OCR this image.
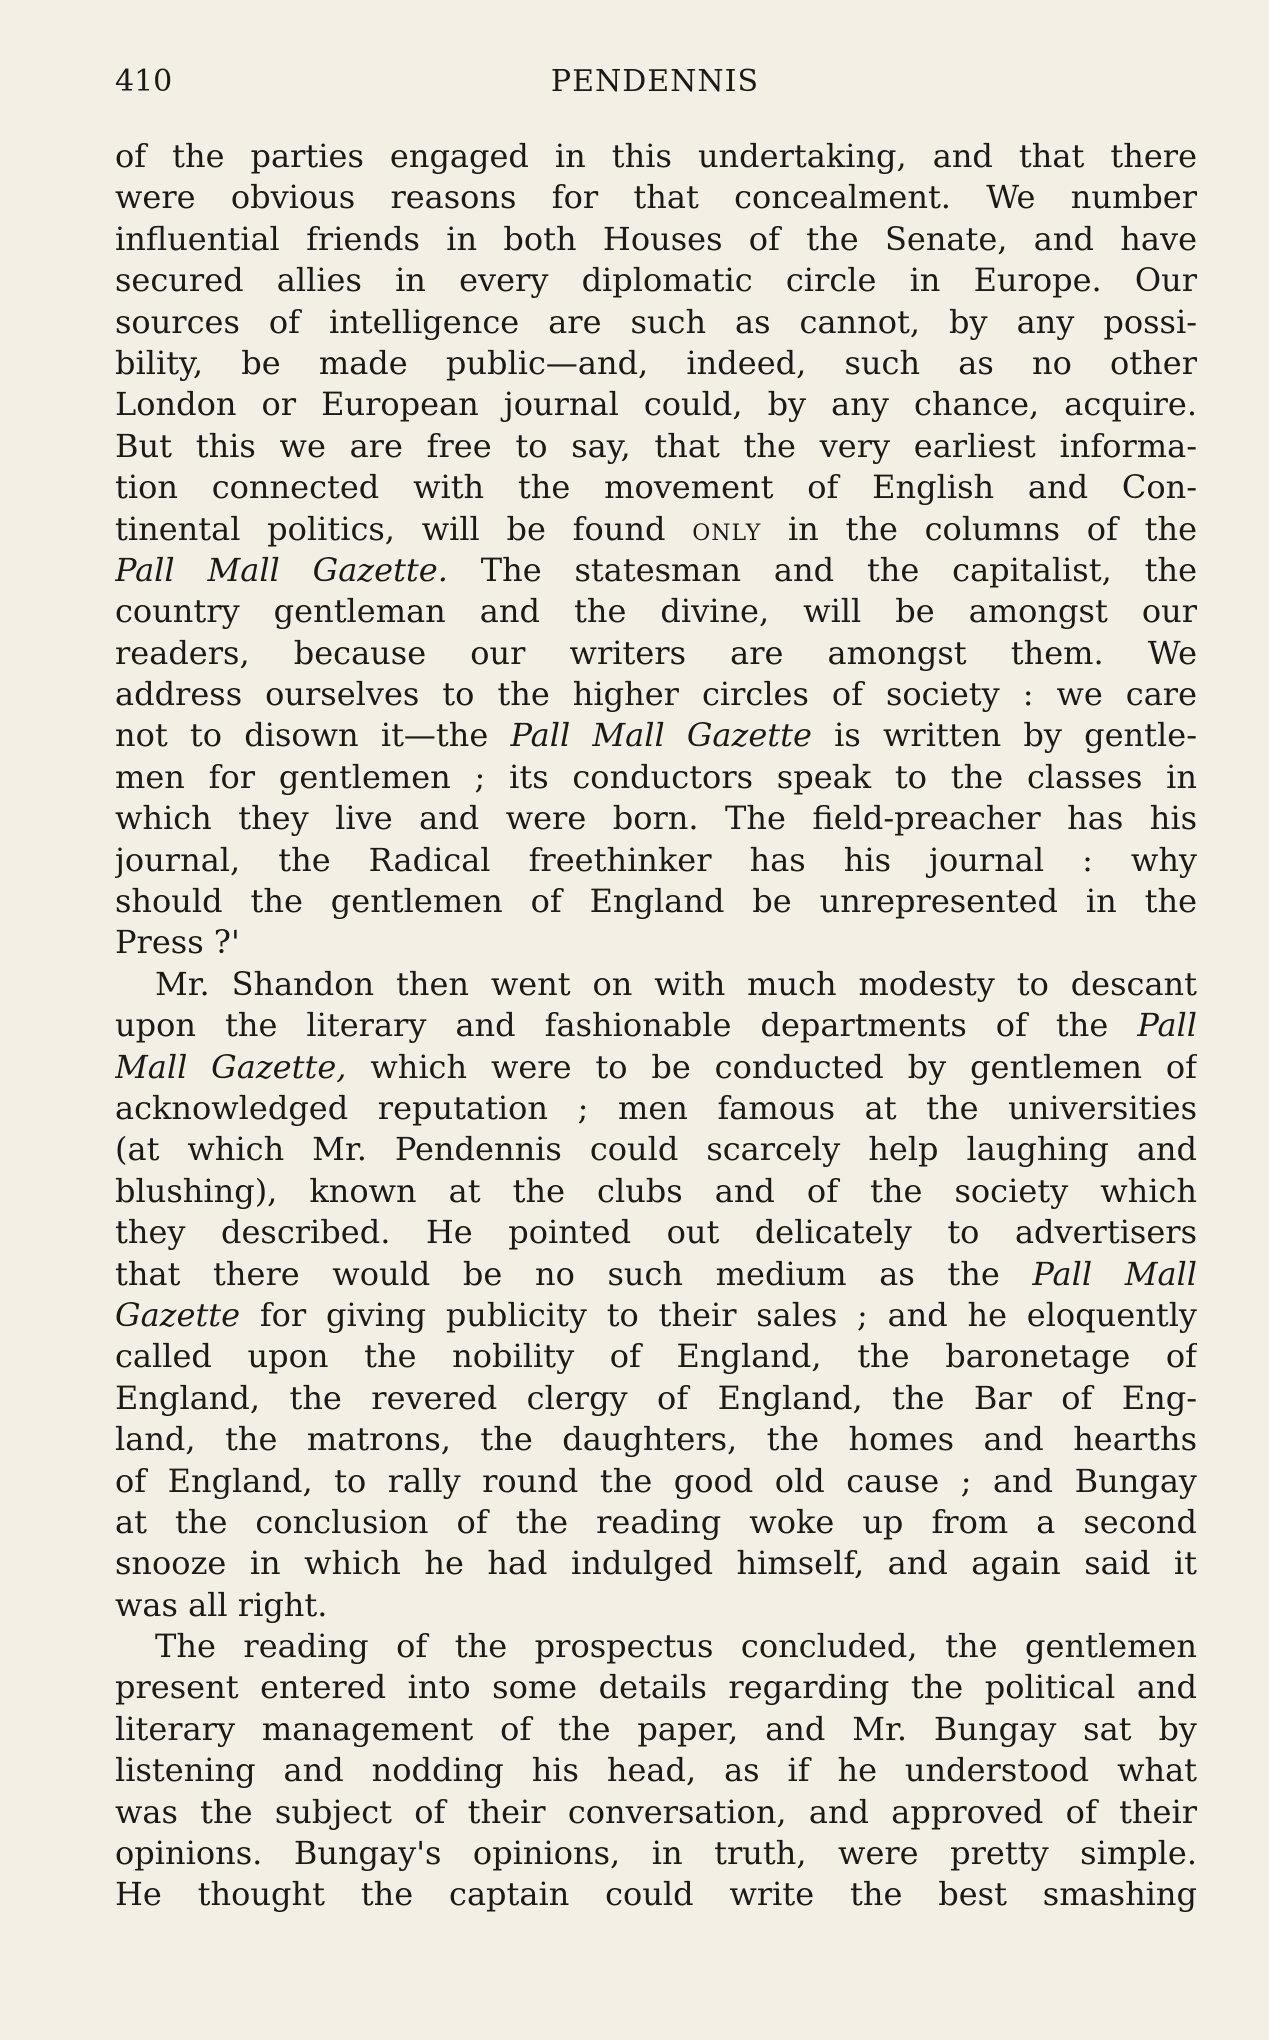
410	PENDENNIS
of the parties engaged in this undertaking, and that there
were obvious reasons for that concealment. We number
influential friends in both Houses of the Senate, and have
secured allies in every diplomatic circle in Europe. Our
sources of intelligence are such as cannot, by any possi-
bility, be made public—and, indeed, such as no other
London or European journal could, by any chance, acquire.
But this we are free to say, that the very earliest informa-
tion connected with the movement of English and Con-
tinental politics, will be found only in the columns of the
Pall Mall Gazette. The statesman and the capitalist, the
country gentleman and the divine, will be amongst our
readers, because our writers are amongst them. We
address ourselves to the higher circles of society : we care
not to disown it—the Pall Mall Gazette is written by gentle-
men for gentlemen ; its conductors speak to the classes in
which they live and were born. The field-preacher has his
journal, the Radical freethinker has his journal : why
should the gentlemen of England be unrepresented in the
Press ?'
Mr. Shandon then went on with much modesty to descant
upon the literary and fashionable departments of the Pall
Mall Gazette, which were to be conducted by gentlemen of
acknowledged reputation ; men famous at the universities
(at which Mr. Pendennis could scarcely help laughing and
blushing), known at the clubs and of the society which
they described. He pointed out delicately to advertisers
that there would be no such medium as the Pall Mall
Gazette for giving publicity to their sales ; and he eloquently
called upon the nobility of England, the baronetage of
England, the revered clergy of England, the Bar of Eng-
land, the matrons, the daughters, the homes and hearths
of England, to rally round the good old cause ; and Bungay
at the conclusion of the reading woke up from a second
snooze in which he had indulged himself, and again said it
was all right.
The reading of the prospectus concluded, the gentlemen
present entered into some details regarding the political and
literary management of the paper, and Mr. Bungay sat by
listening and nodding his head, as if he understood what
was the subject of their conversation, and approved of their
opinions. Bungay's opinions, in truth, were pretty simple.
He thought the captain could write the best smashing
